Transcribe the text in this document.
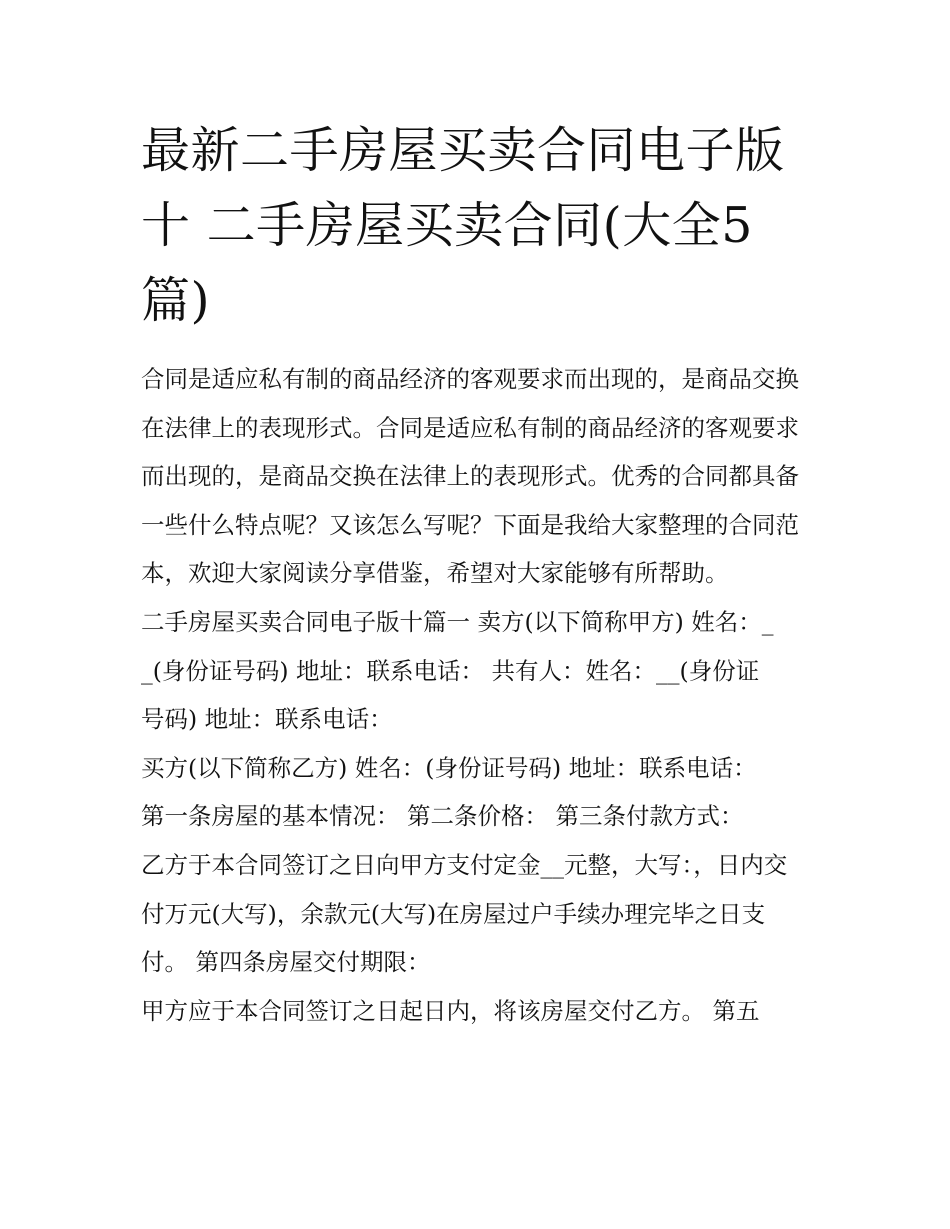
最新二手房屋买卖合同电子版十 二手房屋买卖合同(大全5篇)

合同是适应私有制的商品经济的客观要求而出现的，是商品交换在法律上的表现形式。合同是适应私有制的商品经济的客观要求而出现的，是商品交换在法律上的表现形式。优秀的合同都具备一些什么特点呢？又该怎么写呢？下面是我给大家整理的合同范本，欢迎大家阅读分享借鉴，希望对大家能够有所帮助。

二手房屋买卖合同电子版十篇一 卖方(以下简称甲方) 姓名：__(身份证号码) 地址：联系电话： 共有人：姓名：__(身份证号码) 地址：联系电话：

买方(以下简称乙方) 姓名：(身份证号码) 地址：联系电话：

第一条房屋的基本情况： 第二条价格： 第三条付款方式：

乙方于本合同签订之日向甲方支付定金__元整，大写：，日内交付万元(大写)，余款元(大写)在房屋过户手续办理完毕之日支付。 第四条房屋交付期限：

甲方应于本合同签订之日起日内，将该房屋交付乙方。 第五
